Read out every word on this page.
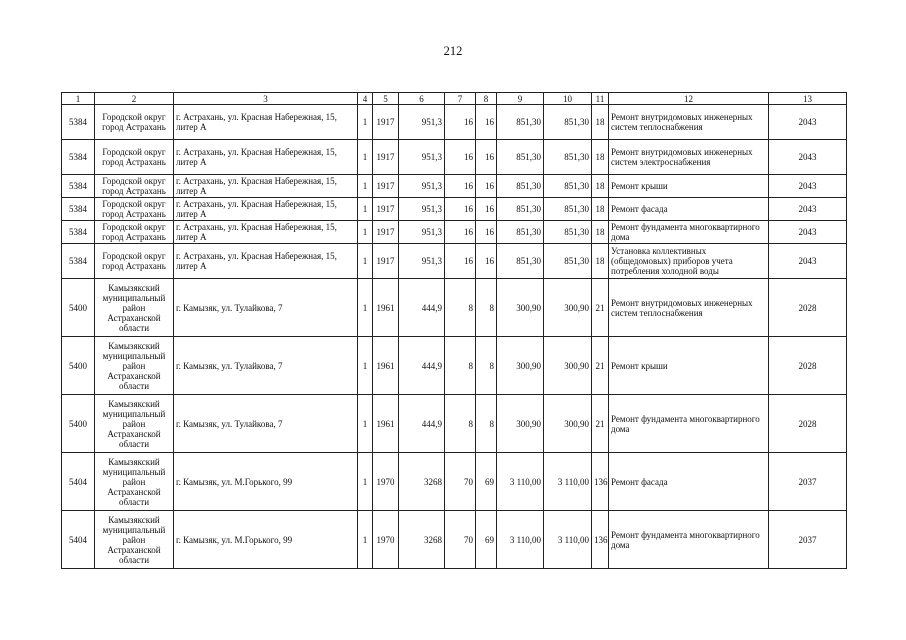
212
1	2	3	4	5	6	7	8	9	10	11	12	13
5384	Городской округ город Астрахань	г. Астрахань, ул. Красная Набережная, 15, литер А	1	1917	951,3	16	16	851,30	851,30	18	Ремонт внутридомовых инженерных систем теплоснабжения	2043
5384	Городской округ город Астрахань	г. Астрахань, ул. Красная Набережная, 15, литер А	1	1917	951,3	16	16	851,30	851,30	18	Ремонт внутридомовых инженерных систем электроснабжения	2043
5384	Городской округ город Астрахань	г. Астрахань, ул. Красная Набережная, 15, литер А	1	1917	951,3	16	16	851,30	851,30	18	Ремонт крыши	2043
5384	Городской округ город Астрахань	г. Астрахань, ул. Красная Набережная, 15, литер А	1	1917	951,3	16	16	851,30	851,30	18	Ремонт фасада	2043
5384	Городской округ город Астрахань	г. Астрахань, ул. Красная Набережная, 15, литер А	1	1917	951,3	16	16	851,30	851,30	18	Ремонт фундамента многоквартирного дома	2043
5384	Городской округ город Астрахань	г. Астрахань, ул. Красная Набережная, 15, литер А	1	1917	951,3	16	16	851,30	851,30	18	Установка коллективных (общедомовых) приборов учета потребления холодной воды	2043
5400	Камызякский муниципальный район Астраханской области	г. Камызяк, ул. Тулайкова, 7	1	1961	444,9	8	8	300,90	300,90	21	Ремонт внутридомовых инженерных систем теплоснабжения	2028
5400	Камызякский муниципальный район Астраханской области	г. Камызяк, ул. Тулайкова, 7	1	1961	444,9	8	8	300,90	300,90	21	Ремонт крыши	2028
5400	Камызякский муниципальный район Астраханской области	г. Камызяк, ул. Тулайкова, 7	1	1961	444,9	8	8	300,90	300,90	21	Ремонт фундамента многоквартирного дома	2028
5404	Камызякский муниципальный район Астраханской области	г. Камызяк, ул. М.Горького, 99	1	1970	3268	70	69	3 110,00	3 110,00	136	Ремонт фасада	2037
5404	Камызякский муниципальный район Астраханской области	г. Камызяк, ул. М.Горького, 99	1	1970	3268	70	69	3 110,00	3 110,00	136	Ремонт фундамента многоквартирного дома	2037
